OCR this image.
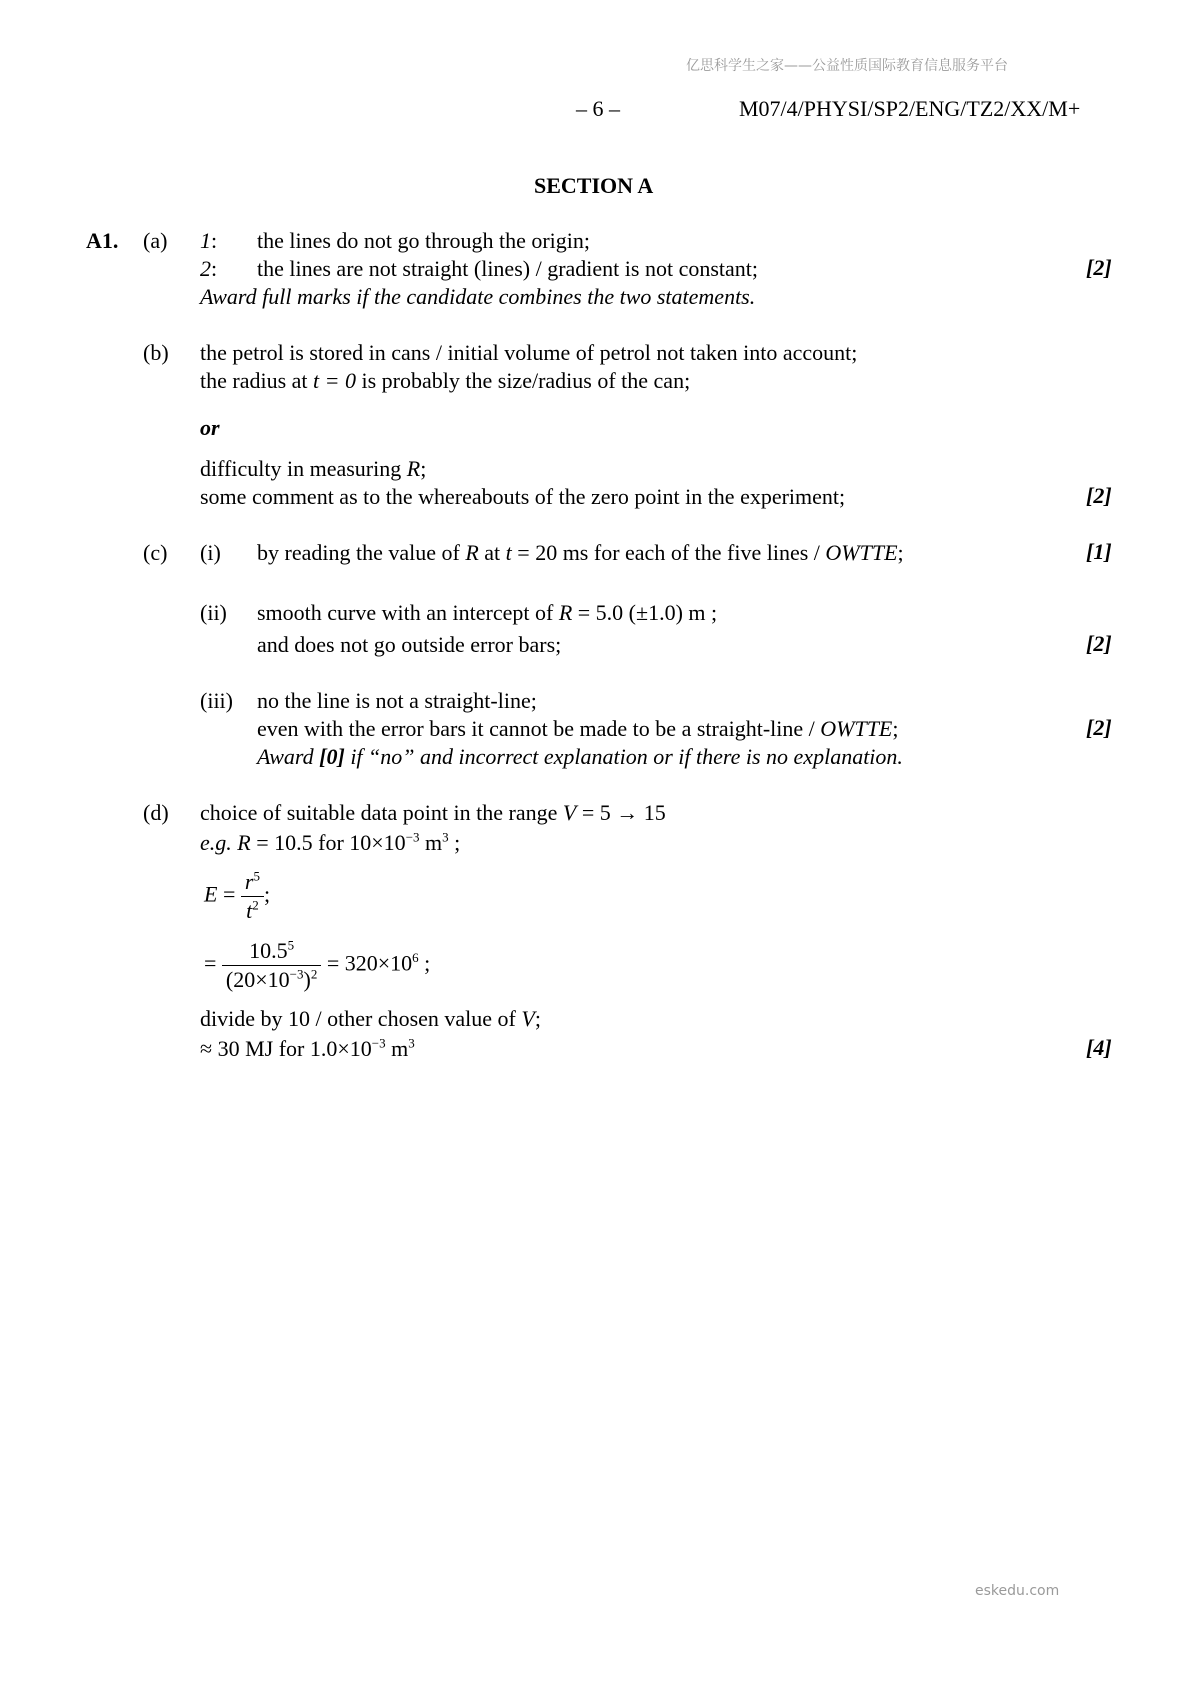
亿思科学生之家——公益性质国际教育信息服务平台
eskedu.com
– 6 –	M07/4/PHYSI/SP2/ENG/TZ2/XX/M+
SECTION A
A1. (a) 1: the lines do not go through the origin;
2: the lines are not straight (lines) / gradient is not constant;	[2]
Award full marks if the candidate combines the two statements.
(b) the petrol is stored in cans / initial volume of petrol not taken into account;
the radius at t = 0 is probably the size/radius of the can;
or
difficulty in measuring R;
some comment as to the whereabouts of the zero point in the experiment;	[2]
(c) (i) by reading the value of R at t = 20 ms for each of the five lines / OWTTE;	[1]
(ii) smooth curve with an intercept of R = 5.0 (±1.0) m ;
and does not go outside error bars;	[2]
(iii) no the line is not a straight-line;
even with the error bars it cannot be made to be a straight-line / OWTTE;	[2]
Award [0] if “no” and incorrect explanation or if there is no explanation.
(d) choice of suitable data point in the range V = 5 → 15
e.g. R = 10.5 for $10\times 10^{-3}$ $m^3$ ;
$E = \frac{r^5}{t^2}$ ;
= $\frac{10.5^5}{(20\times 10^{-3})^2} = 320\times 10^6$ ;
divide by 10 / other chosen value of V;
≈ 30 MJ for $1.0\times 10^{-3}$ $m^3$	[4]
